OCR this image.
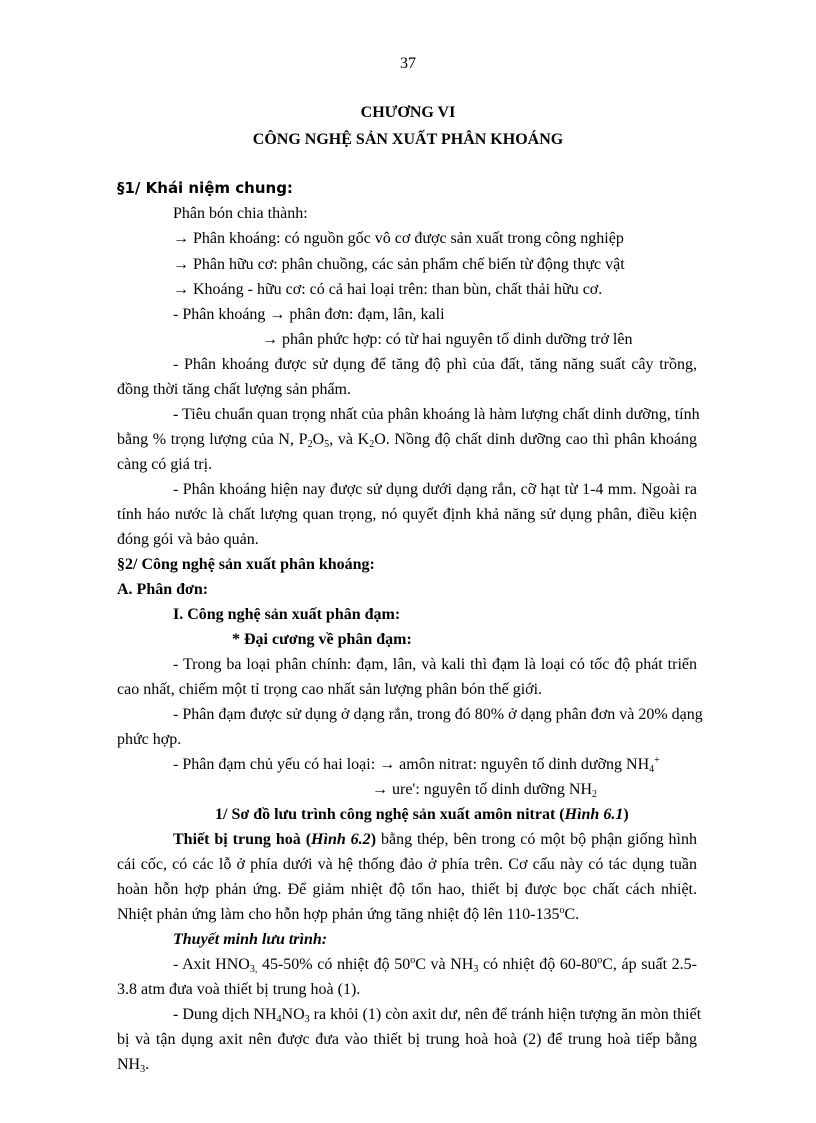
37
CHƯƠNG VI
CÔNG NGHỆ SẢN XUẤT PHÂN KHOÁNG
§1/ Khái niệm chung:
Phân bón chia thành:
→ Phân khoáng: có nguồn gốc vô cơ được sản xuất trong công nghiệp
→ Phân hữu cơ: phân chuồng, các sản phẩm chế biến từ động thực vật
→ Khoáng - hữu cơ: có cả hai loại trên: than bùn, chất thải hữu cơ.
- Phân khoáng → phân đơn: đạm, lân, kali
→ phân phức hợp: có từ hai nguyên tố dinh dưỡng trở lên
- Phân khoáng được sử dụng để tăng độ phì của đất, tăng năng suất cây trồng,
đồng thời tăng chất lượng sản phẩm.
- Tiêu chuẩn quan trọng nhất của phân khoáng là hàm lượng chất dinh dưỡng, tính
bằng % trọng lượng của N, $P_2O_5$, và $K_2O$. Nồng độ chất dinh dưỡng cao thì phân khoáng
càng có giá trị.
- Phân khoáng hiện nay được sử dụng dưới dạng rắn, cỡ hạt từ 1-4 mm. Ngoài ra
tính háo nước là chất lượng quan trọng, nó quyết định khả năng sử dụng phân, điều kiện
đóng gói và bảo quản.
§2/ Công nghệ sản xuất phân khoáng:
A. Phân đơn:
I. Công nghệ sản xuất phân đạm:
* Đại cương về phân đạm:
- Trong ba loại phân chính: đạm, lân, và kali thì đạm là loại có tốc độ phát triển
cao nhất, chiếm một tỉ trọng cao nhất sản lượng phân bón thế giới.
- Phân đạm được sử dụng ở dạng rắn, trong đó 80% ở dạng phân đơn và 20% dạng
phức hợp.
- Phân đạm chủ yếu có hai loại: → amôn nitrat: nguyên tố dinh dưỡng $NH_4^+$
→ ure': nguyên tố dinh dưỡng $NH_2$
1/ Sơ đồ lưu trình công nghệ sản xuất amôn nitrat (Hình 6.1)
Thiết bị trung hoà (Hình 6.2) bằng thép, bên trong có một bộ phận giống hình
cái cốc, có các lỗ ở phía dưới và hệ thống đảo ở phía trên. Cơ cấu này có tác dụng tuần
hoàn hỗn hợp phản ứng. Để giảm nhiệt độ tổn hao, thiết bị được bọc chất cách nhiệt.
Nhiệt phản ứng làm cho hỗn hợp phản ứng tăng nhiệt độ lên 110-135$^o$C.
Thuyết minh lưu trình:
- Axit $HNO_{3,}$ 45-50% có nhiệt độ 50$^o$C và $NH_3$ có nhiệt độ 60-80$^o$C, áp suất 2.5-
3.8 atm đưa voà thiết bị trung hoà (1).
- Dung dịch $NH_4NO_3$ ra khỏi (1) còn axit dư, nên để tránh hiện tượng ăn mòn thiết
bị và tận dụng axit nên được đưa vào thiết bị trung hoà hoà (2) để trung hoà tiếp bằng
$NH_3$.
